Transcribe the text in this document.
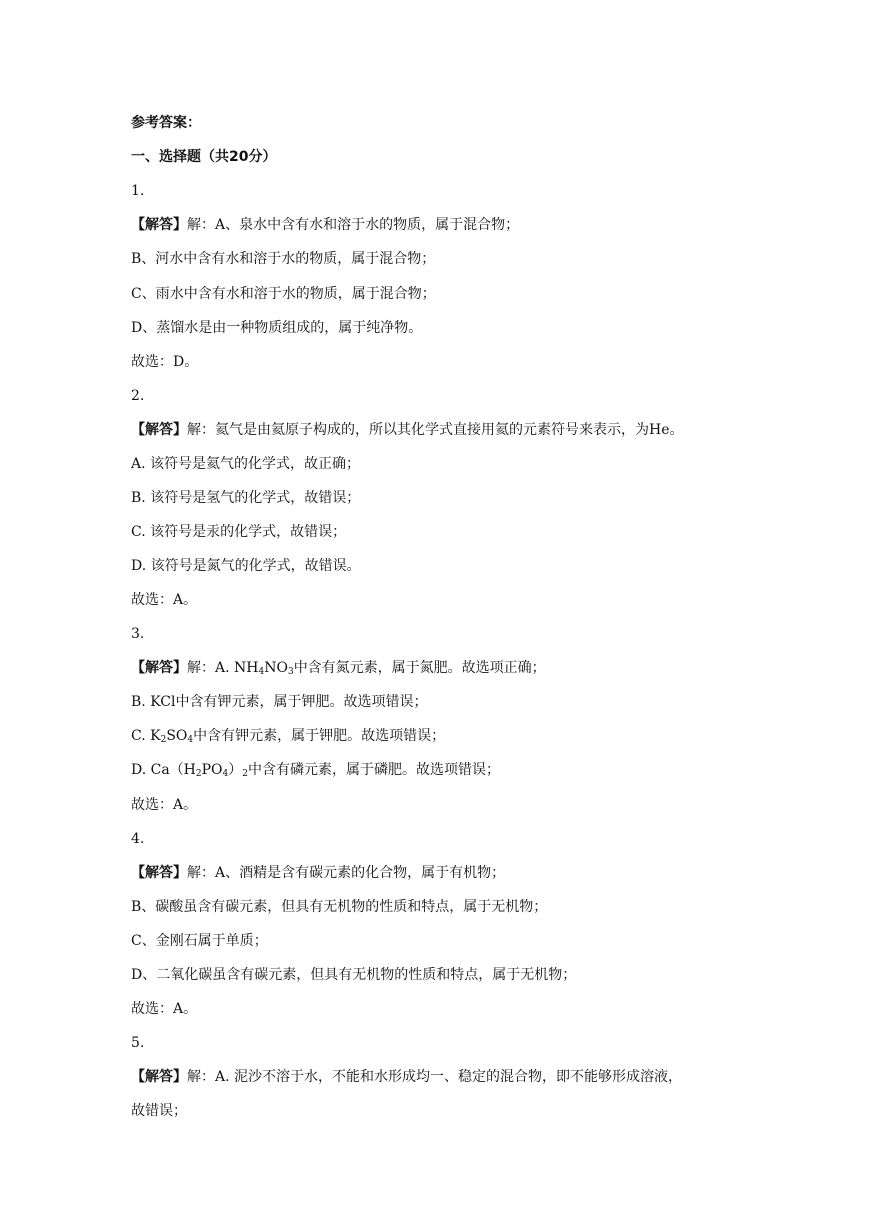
参考答案：
一、选择题（共20分）
1.
【解答】解：A、泉水中含有水和溶于水的物质，属于混合物；
B、河水中含有水和溶于水的物质，属于混合物；
C、雨水中含有水和溶于水的物质，属于混合物；
D、蒸馏水是由一种物质组成的，属于纯净物。
故选：D。
2.
【解答】解：氦气是由氦原子构成的，所以其化学式直接用氦的元素符号来表示，为He。
A. 该符号是氦气的化学式，故正确；
B. 该符号是氢气的化学式，故错误；
C. 该符号是汞的化学式，故错误；
D. 该符号是氮气的化学式，故错误。
故选：A。
3.
【解答】解：A. $NH_4NO_3$中含有氮元素，属于氮肥。故选项正确；
B. KCl中含有钾元素，属于钾肥。故选项错误；
C. $K_2SO_4$中含有钾元素，属于钾肥。故选项错误；
D. $Ca(H_2PO_4)_2$中含有磷元素，属于磷肥。故选项错误；
故选：A。
4.
【解答】解：A、酒精是含有碳元素的化合物，属于有机物；
B、碳酸虽含有碳元素，但具有无机物的性质和特点，属于无机物；
C、金刚石属于单质；
D、二氧化碳虽含有碳元素，但具有无机物的性质和特点，属于无机物；
故选：A。
5.
【解答】解：A. 泥沙不溶于水，不能和水形成均一、稳定的混合物，即不能够形成溶液，
故错误；
